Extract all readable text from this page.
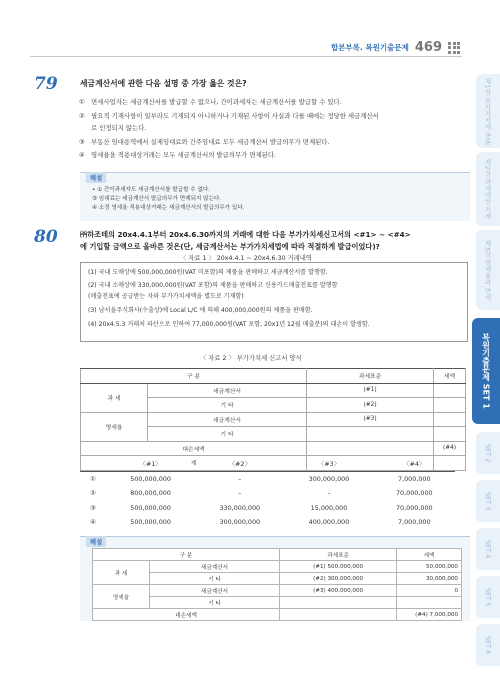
합본부록. 복원기출문제 469
제1장 부가가치세 총론
제2장 과세대상 거래
제3장 영세율과 면세
복원기출문제 SET 1
SET 2
SET 3
SET 4
SET 5
SET 6
79	세금계산서에 관한 다음 설명 중 가장 옳은 것은?
① 면세사업자는 세금계산서를 발급할 수 없으나, 간이과세자는 세금계산서를 발급할 수 있다.
② 필요적 기재사항이 일부라도 기재되지 아니하거나 기재된 사항이 사실과 다를 때에는 정당한 세금계산서
로 인정되지 않는다.
③ 부동산 임대용역에서 실제임대료와 간주임대료 모두 세금계산서 발급의무가 면제된다.
④ 영세율을 적용대상거래는 모두 세금계산서의 발급의무가 면제된다.
해설
• ① 간이과세자도 세금계산서를 발급할 수 없다.
③ 임대료는 세금계산서 발급의무가 면제되지 않는다.
④ 소정 영세율 적용대상거래는 세금계산서의 발급의무가 있다.
80	㈜하조테의 20x4.4.1부터 20x4.6.30까지의 거래에 대한 다음 부가가치세신고서의 <#1> ~ <#4>
에 기입할 금액으로 올바른 것은(단, 세금계산서는 부가가치세법에 따라 적절하게 발급이었다)?
〈 자료 1 〉 20x4.4.1 ~ 20x4.6.30 거래내역
(1) 국내 도매상에 500,000,000원(VAT 미포함)의 제품을 판매하고 세금계산서를 발행함.
(2) 국내 소매상에 330,000,000원(VAT 포함)의 제품을 판매하고 신용카드매출전표를 발행함
(매출전표에 공급받는 자와 부가가치세액을 별도로 기재함)
(3) 남서울주식회사(수출상)에 Local L/C 에 의해 400,000,000원의 제품을 판매함.
(4) 20x4.5.3 거래처 파산으로 인하여 77,000,000원(VAT 포함, 20x1년 12월 매출분)의 대손이 발생함.
〈 자료 2 〉 부가가치세 신고서 양식
구 분		과세표준	세액
과 세	세금계산서	(#1)	
	기 타	(#2)	
영세율	세금계산서	(#3)	
	기 타		
대손세액			(#4)
계			
	〈#1〉	〈#2〉	〈#3〉	〈#4〉
①	500,000,000	–	300,000,000	7,000,000
②	800,000,000	–	–	70,000,000
③	500,000,000	330,000,000	15,000,000	70,000,000
④	500,000,000	300,000,000	400,000,000	7,000,000
해설
구 분		과세표준	세액
과 세	세금계산서	(#1) 500,000,000	50,000,000
	기 타	(#2) 300,000,000	30,000,000
영세율	세금계산서	(#3) 400,000,000	0
	기 타		
대손세액			(#4) 7,000,000
